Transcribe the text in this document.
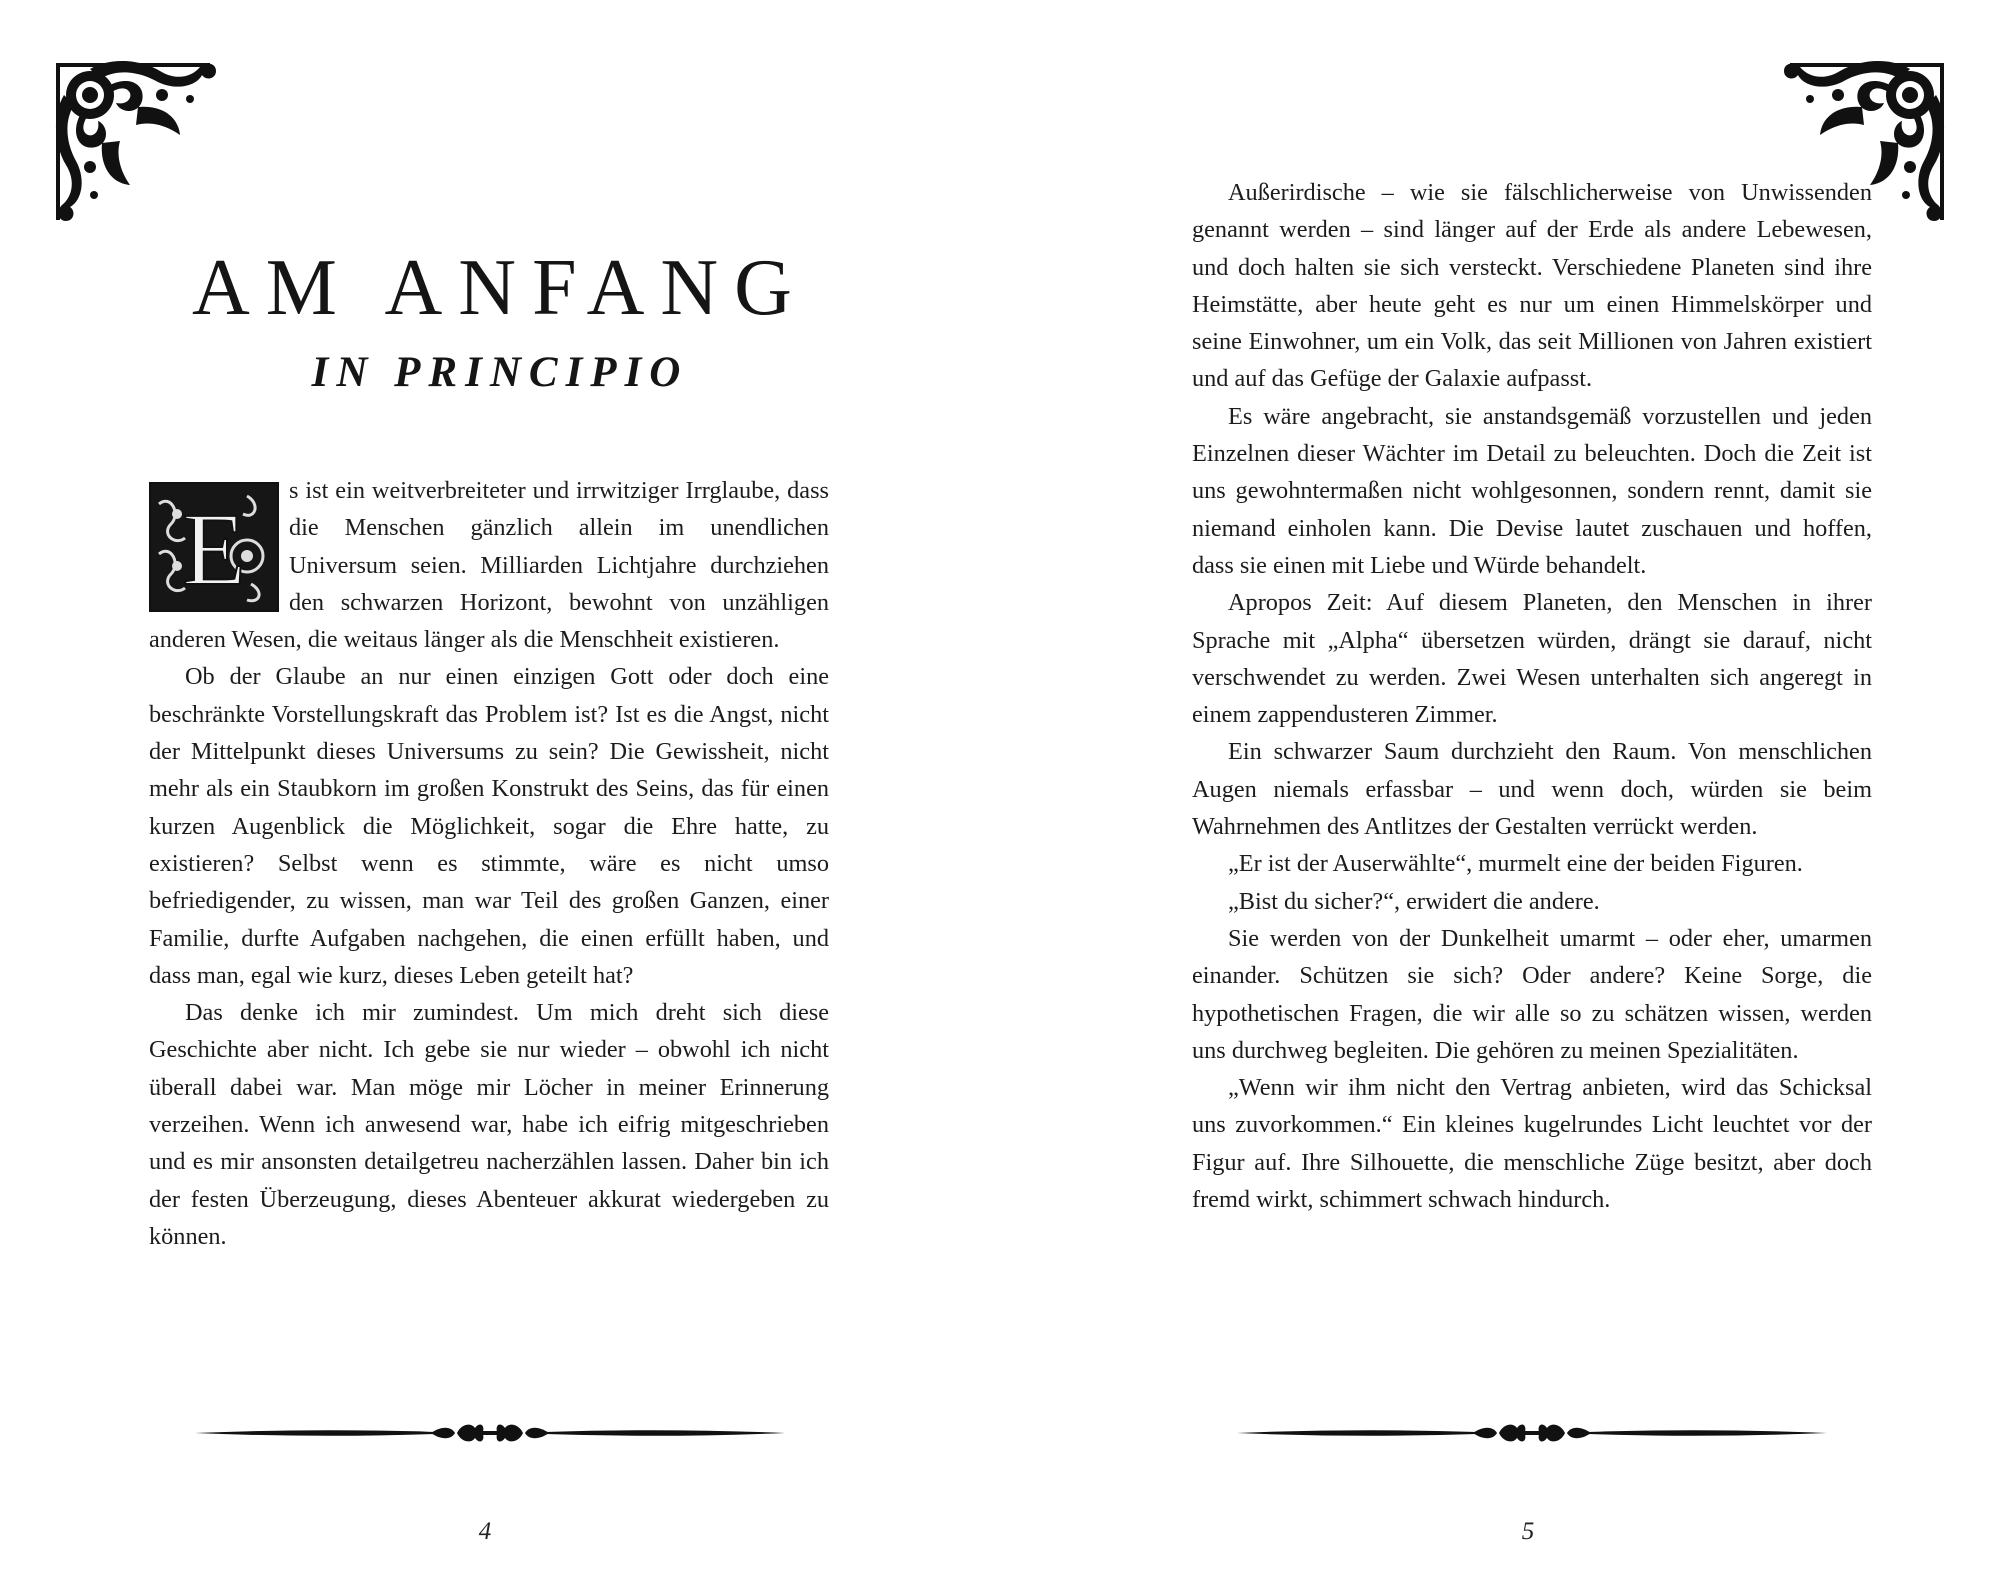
AM ANFANG
IN PRINCIPIO
E

s ist ein weitverbreiteter und irrwitziger Irrglaube, dass die Menschen gänzlich allein im unendlichen Universum seien. Milliarden Lichtjahre durchziehen den schwarzen Horizont, bewohnt von unzähligen anderen Wesen, die weitaus länger als die Menschheit existieren.

Ob der Glaube an nur einen einzigen Gott oder doch eine beschränkte Vorstellungskraft das Problem ist? Ist es die Angst, nicht der Mittelpunkt dieses Universums zu sein? Die Gewissheit, nicht mehr als ein Staubkorn im großen Konstrukt des Seins, das für einen kurzen Augenblick die Möglichkeit, sogar die Ehre hatte, zu existieren? Selbst wenn es stimmte, wäre es nicht umso befriedigender, zu wissen, man war Teil des großen Ganzen, einer Familie, durfte Aufgaben nachgehen, die einen erfüllt haben, und dass man, egal wie kurz, dieses Leben geteilt hat?

Das denke ich mir zumindest. Um mich dreht sich diese Geschichte aber nicht. Ich gebe sie nur wieder – obwohl ich nicht überall dabei war. Man möge mir Löcher in meiner Erinnerung verzeihen. Wenn ich anwesend war, habe ich eifrig mitgeschrieben und es mir ansonsten detailgetreu nacherzählen lassen. Daher bin ich der festen Überzeugung, dieses Abenteuer akkurat wiedergeben zu können.

4

Außerirdische – wie sie fälschlicherweise von Unwissenden genannt werden – sind länger auf der Erde als andere Lebewesen, und doch halten sie sich versteckt. Verschiedene Planeten sind ihre Heimstätte, aber heute geht es nur um einen Himmelskörper und seine Einwohner, um ein Volk, das seit Millionen von Jahren existiert und auf das Gefüge der Galaxie aufpasst.

Es wäre angebracht, sie anstandsgemäß vorzustellen und jeden Einzelnen dieser Wächter im Detail zu beleuchten. Doch die Zeit ist uns gewohntermaßen nicht wohlgesonnen, sondern rennt, damit sie niemand einholen kann. Die Devise lautet zuschauen und hoffen, dass sie einen mit Liebe und Würde behandelt.

Apropos Zeit: Auf diesem Planeten, den Menschen in ihrer Sprache mit „Alpha“ übersetzen würden, drängt sie darauf, nicht verschwendet zu werden. Zwei Wesen unterhalten sich angeregt in einem zappendusteren Zimmer.

Ein schwarzer Saum durchzieht den Raum. Von menschlichen Augen niemals erfassbar – und wenn doch, würden sie beim Wahrnehmen des Antlitzes der Gestalten verrückt werden.

„Er ist der Auserwählte“, murmelt eine der beiden Figuren.

„Bist du sicher?“, erwidert die andere.

Sie werden von der Dunkelheit umarmt – oder eher, umarmen einander. Schützen sie sich? Oder andere? Keine Sorge, die hypothetischen Fragen, die wir alle so zu schätzen wissen, werden uns durchweg begleiten. Die gehören zu meinen Spezialitäten.

„Wenn wir ihm nicht den Vertrag anbieten, wird das Schicksal uns zuvorkommen.“ Ein kleines kugelrundes Licht leuchtet vor der Figur auf. Ihre Silhouette, die menschliche Züge besitzt, aber doch fremd wirkt, schimmert schwach hindurch.

5
